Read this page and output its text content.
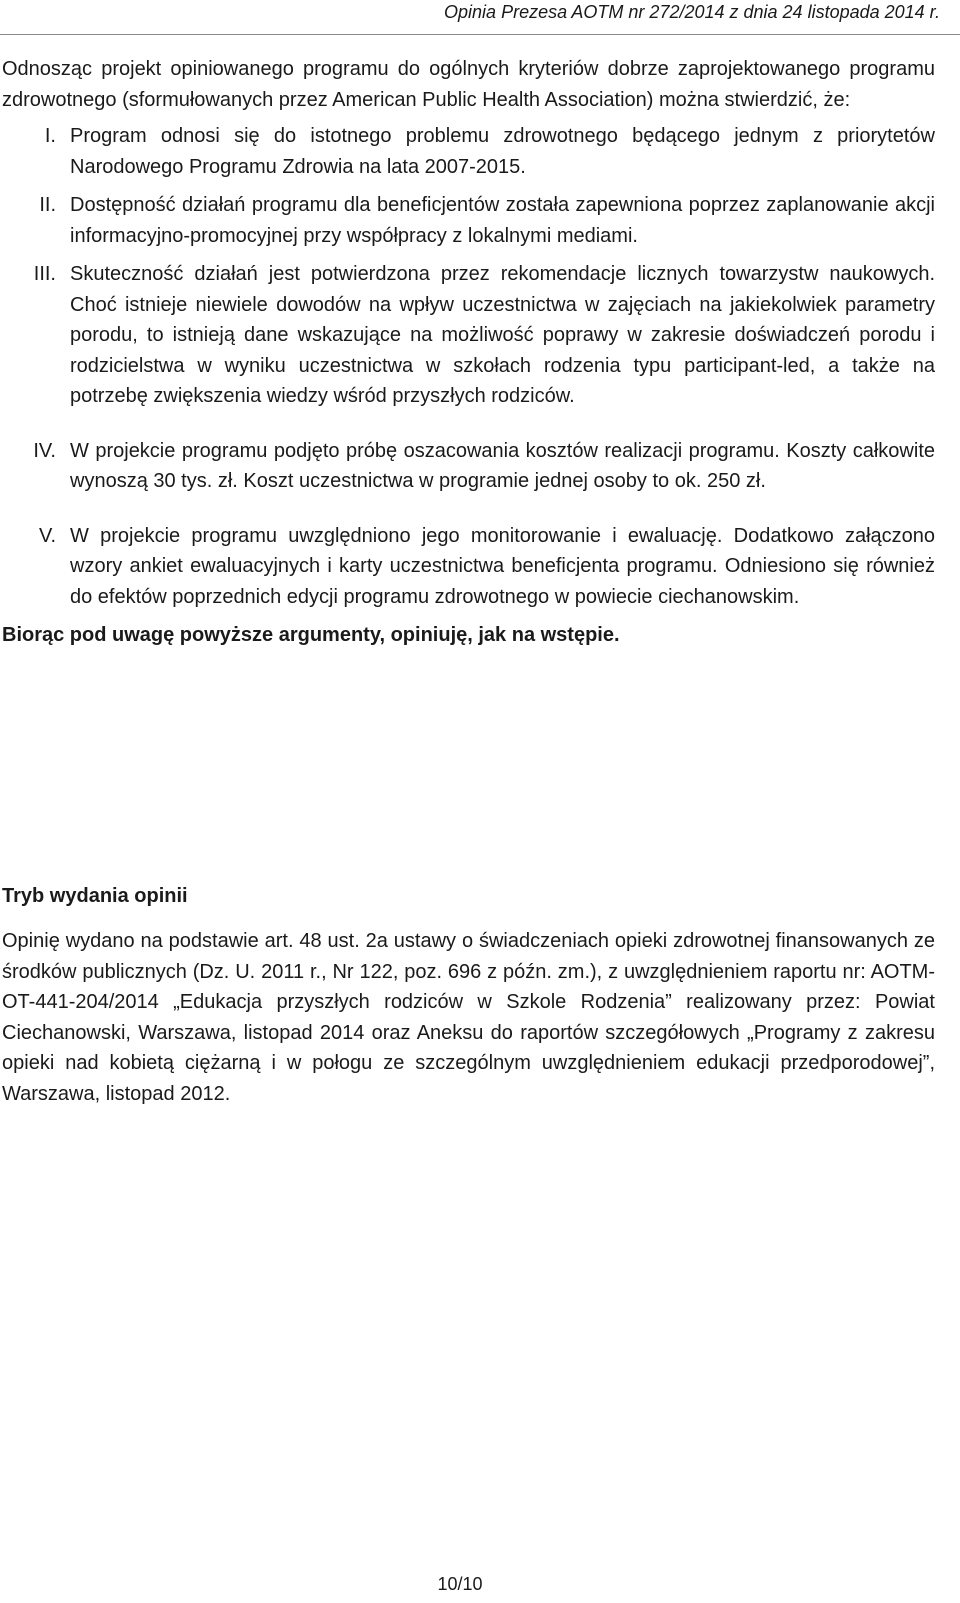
Opinia Prezesa AOTM nr 272/2014 z dnia 24 listopada 2014 r.

Odnosząc projekt opiniowanego programu do ogólnych kryteriów dobrze zaprojektowanego programu zdrowotnego (sformułowanych przez American Public Health Association) można stwierdzić, że:

I. Program odnosi się do istotnego problemu zdrowotnego będącego jednym z priorytetów Narodowego Programu Zdrowia na lata 2007-2015.
II. Dostępność działań programu dla beneficjentów została zapewniona poprzez zaplanowanie akcji informacyjno-promocyjnej przy współpracy z lokalnymi mediami.
III. Skuteczność działań jest potwierdzona przez rekomendacje licznych towarzystw naukowych. Choć istnieje niewiele dowodów na wpływ uczestnictwa w zajęciach na jakiekolwiek parametry porodu, to istnieją dane wskazujące na możliwość poprawy w zakresie doświadczeń porodu i rodzicielstwa w wyniku uczestnictwa w szkołach rodzenia typu participant-led, a także na potrzebę zwiększenia wiedzy wśród przyszłych rodziców.
IV. W projekcie programu podjęto próbę oszacowania kosztów realizacji programu. Koszty całkowite wynoszą 30 tys. zł. Koszt uczestnictwa w programie jednej osoby to ok. 250 zł.
V. W projekcie programu uwzględniono jego monitorowanie i ewaluację. Dodatkowo załączono wzory ankiet ewaluacyjnych i karty uczestnictwa beneficjenta programu. Odniesiono się również do efektów poprzednich edycji programu zdrowotnego w powiecie ciechanowskim.

Biorąc pod uwagę powyższe argumenty, opiniuję, jak na wstępie.

Tryb wydania opinii

Opinię wydano na podstawie art. 48 ust. 2a ustawy o świadczeniach opieki zdrowotnej finansowanych ze środków publicznych (Dz. U. 2011 r., Nr 122, poz. 696 z późn. zm.), z uwzględnieniem raportu nr: AOTM-OT-441-204/2014 „Edukacja przyszłych rodziców w Szkole Rodzenia” realizowany przez: Powiat Ciechanowski, Warszawa, listopad 2014 oraz Aneksu do raportów szczegółowych „Programy z zakresu opieki nad kobietą ciężarną i w połogu ze szczególnym uwzględnieniem edukacji przedporodowej”, Warszawa, listopad 2012.

10/10
